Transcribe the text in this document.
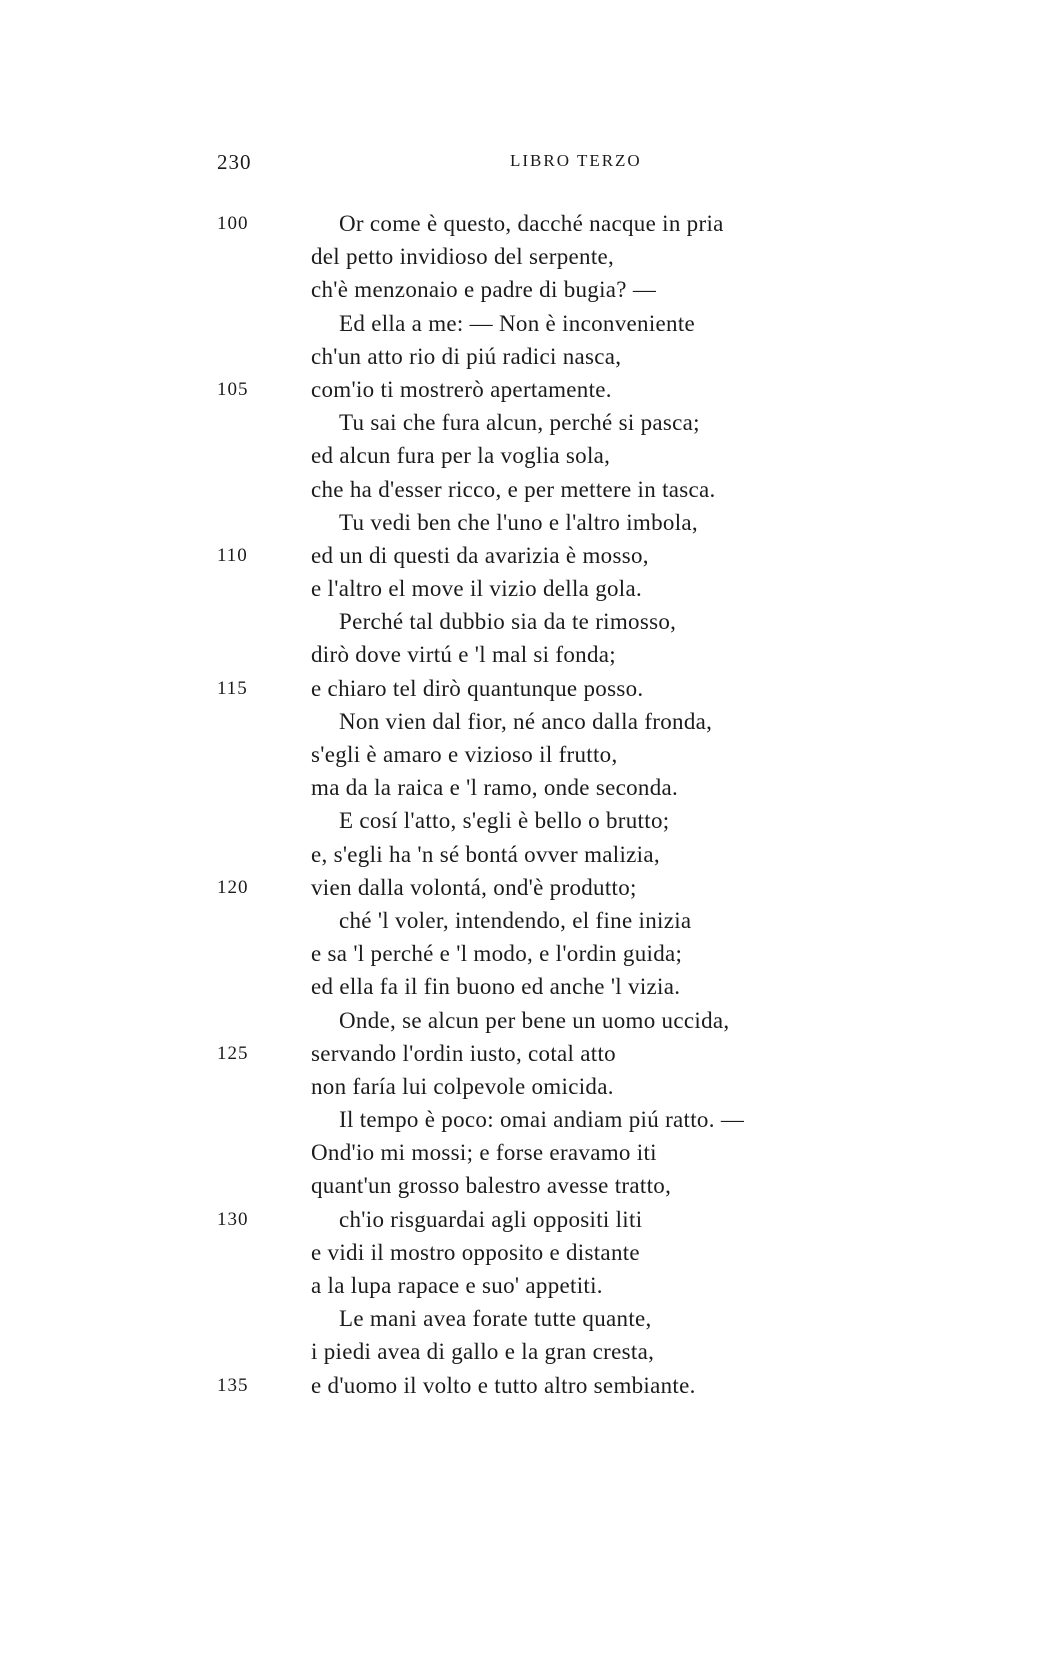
230	LIBRO TERZO
100	Or come è questo, dacché nacque in pria
del petto invidioso del serpente,
ch'è menzonaio e padre di bugia? —
Ed ella a me: — Non è inconveniente
ch'un atto rio di piú radici nasca,
105	com'io ti mostrerò apertamente.
Tu sai che fura alcun, perché si pasca;
ed alcun fura per la voglia sola,
che ha d'esser ricco, e per mettere in tasca.
Tu vedi ben che l'uno e l'altro imbola,
110	ed un di questi da avarizia è mosso,
e l'altro el move il vizio della gola.
Perché tal dubbio sia da te rimosso,
dirò dove virtú e 'l mal si fonda;
115	e chiaro tel dirò quantunque posso.
Non vien dal fior, né anco dalla fronda,
s'egli è amaro e vizioso il frutto,
ma da la raica e 'l ramo, onde seconda.
E cosí l'atto, s'egli è bello o brutto;
e, s'egli ha 'n sé bontá ovver malizia,
120	vien dalla volontá, ond'è produtto;
ché 'l voler, intendendo, el fine inizia
e sa 'l perché e 'l modo, e l'ordin guida;
ed ella fa il fin buono ed anche 'l vizia.
Onde, se alcun per bene un uomo uccida,
125	servando l'ordin iusto, cotal atto
non faría lui colpevole omicida.
Il tempo è poco: omai andiam piú ratto. —
Ond'io mi mossi; e forse eravamo iti
quant'un grosso balestro avesse tratto,
130	ch'io risguardai agli oppositi liti
e vidi il mostro opposito e distante
a la lupa rapace e suo' appetiti.
Le mani avea forate tutte quante,
i piedi avea di gallo e la gran cresta,
135	e d'uomo il volto e tutto altro sembiante.
